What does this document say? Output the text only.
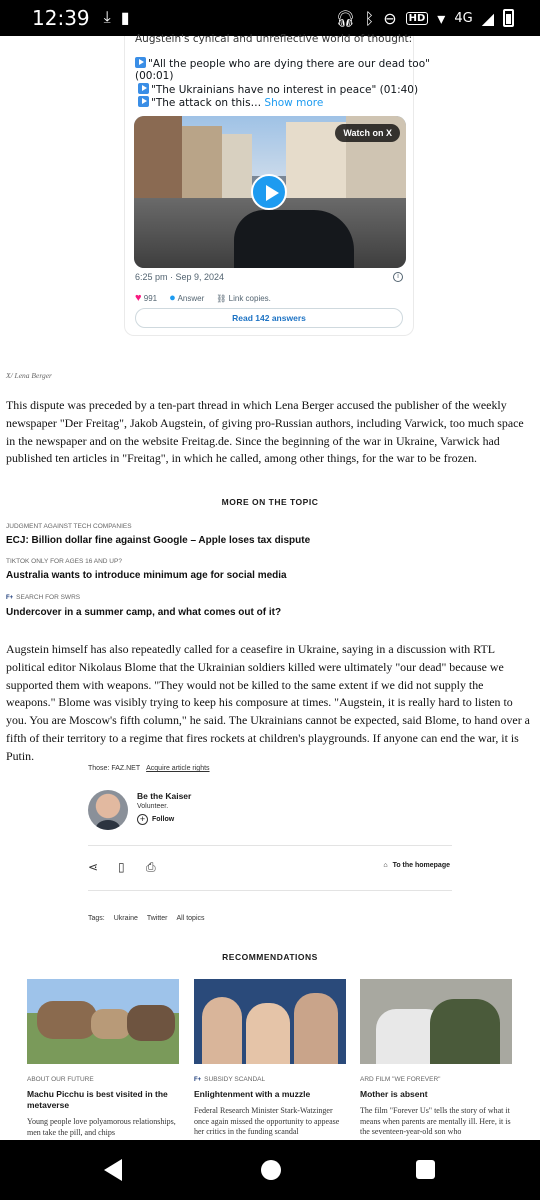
12:39 ⤓ ▮	🎧︎ ᛒ ⊖	HD ▾ 4G ◢
Augstein's cynical and unreflective world of thought:
"All the people who are dying there are our dead too"
(00:01)
"The Ukrainians have no interest in peace" (01:40)
"The attack on this… Show more
Watch on X
6:25 pm · Sep 9, 2024	i
♥ 991 ● Answer ⛓ Link copies.
Read 142 answers
X/ Lena Berger
This dispute was preceded by a ten-part thread in which Lena Berger accused the publisher of the weekly newspaper "Der Freitag", Jakob Augstein, of giving pro-Russian authors, including Varwick, too much space in the newspaper and on the website Freitag.de. Since the beginning of the war in Ukraine, Varwick had published ten articles in "Freitag", in which he called, among other things, for the war to be frozen.
MORE ON THE TOPIC
JUDGMENT AGAINST TECH COMPANIES
ECJ: Billion dollar fine against Google – Apple loses tax dispute
TIKTOK ONLY FOR AGES 16 AND UP?
Australia wants to introduce minimum age for social media
F+ SEARCH FOR SWRS
Undercover in a summer camp, and what comes out of it?
Augstein himself has also repeatedly called for a ceasefire in Ukraine, saying in a discussion with RTL political editor Nikolaus Blome that the Ukrainian soldiers killed were ultimately "our dead" because we supported them with weapons. "They would not be killed to the same extent if we did not supply the weapons." Blome was visibly trying to keep his composure at times. "Augstein, it is really hard to listen to you. You are Moscow's fifth column," he said. The Ukrainians cannot be expected, said Blome, to hand over a fifth of their territory to a regime that fires rockets at children's playgrounds. If anyone can end the war, it is Putin.
Those: FAZ.NET Acquire article rights
Be the Kaiser
Volunteer.
+ Follow
⋖ ▯ ⎙	⌂ To the homepage
Tags: Ukraine Twitter All topics
RECOMMENDATIONS
ABOUT OUR FUTURE
Machu Picchu is best visited in the metaverse
Young people love polyamorous relationships, men take the pill, and chips
F+ SUBSIDY SCANDAL
Enlightenment with a muzzle
Federal Research Minister Stark-Watzinger once again missed the opportunity to appease her critics in the funding scandal
ARD FILM "WE FOREVER"
Mother is absent
The film "Forever Us" tells the story of what it means when parents are mentally ill. Here, it is the seventeen-year-old son who
